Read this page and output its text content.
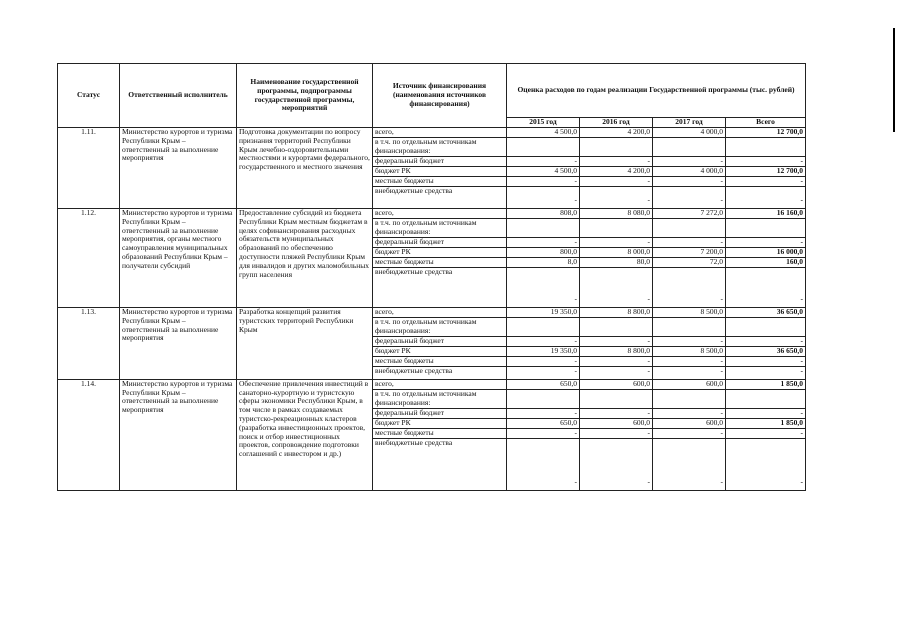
Статус	Ответственный исполнитель	Наименование государственной программы, подпрограммы государственной программы, мероприятий	Источник финансирования (наименования источников финансирования)	Оценка расходов по годам реализации Государственной программы (тыс. рублей)			
				2015 год	2016 год	2017 год	Всего
1.11.	Министерство курортов и туризма Республики Крым – ответственный за выполнение мероприятия	Подготовка документации по вопросу признания территорий Республики Крым лечебно-оздоровительными местностями и курортами федерального, государственного и местного значения	всего,	4 500,0	4 200,0	4 000,0	12 700,0
			в т.ч. по отдельным источникам финансирования:				
			федеральный бюджет	-	-	-	-
			бюджет РК	4 500,0	4 200,0	4 000,0	12 700,0
			местные бюджеты	-	-	-	-
			внебюджетные средства	-	-	-	-
1.12.	Министерство курортов и туризма Республики Крым – ответственный за выполнение мероприятия, органы местного самоуправления муниципальных образований Республики Крым – получатели субсидий	Предоставление субсидий из бюджета Республики Крым местным бюджетам в целях софинансирования расходных обязательств муниципальных образований по обеспечению доступности пляжей Республики Крым для инвалидов и других маломобильных групп населения	всего,	808,0	8 080,0	7 272,0	16 160,0
			в т.ч. по отдельным источникам финансирования:				
			федеральный бюджет	-	-	-	-
			бюджет РК	800,0	8 000,0	7 200,0	16 000,0
			местные бюджеты	8,0	80,0	72,0	160,0
			внебюджетные средства	-	-	-	-
1.13.	Министерство курортов и туризма Республики Крым – ответственный за выполнение мероприятия	Разработка концепций развития туристских территорий Республики Крым	всего,	19 350,0	8 800,0	8 500,0	36 650,0
			в т.ч. по отдельным источникам финансирования:				
			федеральный бюджет	-	-	-	-
			бюджет РК	19 350,0	8 800,0	8 500,0	36 650,0
			местные бюджеты	-	-	-	-
			внебюджетные средства	-	-	-	-
1.14.	Министерство курортов и туризма Республики Крым – ответственный за выполнение мероприятия	Обеспечение привлечения инвестиций в санаторно-курортную и туристскую сферы экономики Республики Крым, в том числе в рамках создаваемых туристско-рекреационных кластеров (разработка инвестиционных проектов, поиск и отбор инвестиционных проектов, сопровождение подготовки соглашений с инвестором и др.)	всего,	650,0	600,0	600,0	1 850,0
			в т.ч. по отдельным источникам финансирования:				
			федеральный бюджет	-	-	-	-
			бюджет РК	650,0	600,0	600,0	1 850,0
			местные бюджеты	-	-	-	-
			внебюджетные средства	-	-	-	-
